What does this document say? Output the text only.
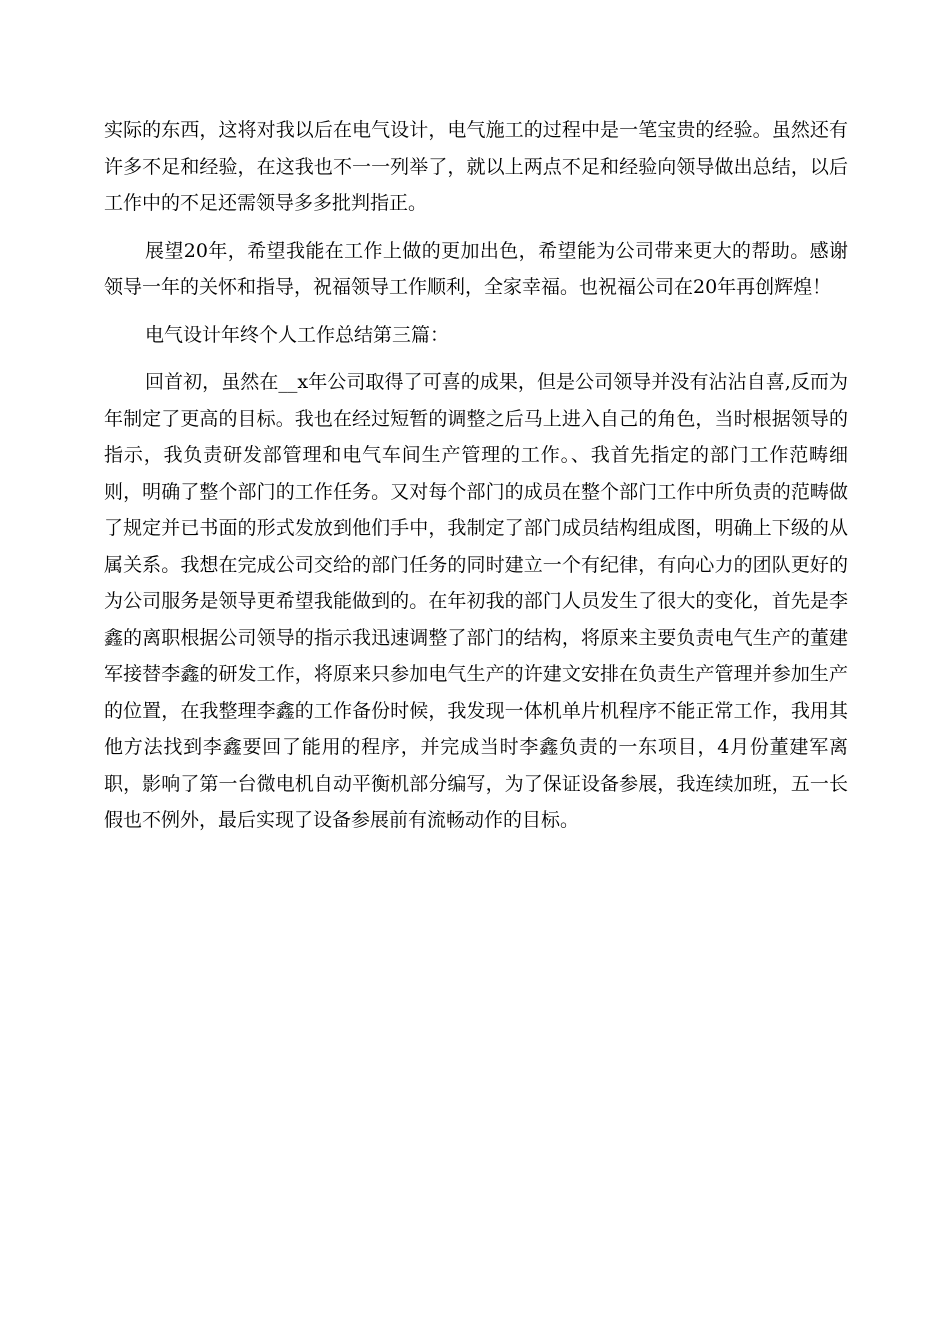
实际的东西，这将对我以后在电气设计，电气施工的过程中是一笔宝贵的经验。虽然还有许多不足和经验，在这我也不一一列举了，就以上两点不足和经验向领导做出总结，以后工作中的不足还需领导多多批判指正。

展望20年，希望我能在工作上做的更加出色，希望能为公司带来更大的帮助。感谢领导一年的关怀和指导，祝福领导工作顺利，全家幸福。也祝福公司在20年再创辉煌！

电气设计年终个人工作总结第三篇：

回首初，虽然在__x年公司取得了可喜的成果，但是公司领导并没有沾沾自喜,反而为年制定了更高的目标。我也在经过短暂的调整之后马上进入自己的角色，当时根据领导的指示，我负责研发部管理和电气车间生产管理的工作。、我首先指定的部门工作范畴细则，明确了整个部门的工作任务。又对每个部门的成员在整个部门工作中所负责的范畴做了规定并已书面的形式发放到他们手中，我制定了部门成员结构组成图，明确上下级的从属关系。我想在完成公司交给的部门任务的同时建立一个有纪律，有向心力的团队更好的为公司服务是领导更希望我能做到的。在年初我的部门人员发生了很大的变化，首先是李鑫的离职根据公司领导的指示我迅速调整了部门的结构，将原来主要负责电气生产的董建军接替李鑫的研发工作，将原来只参加电气生产的许建文安排在负责生产管理并参加生产的位置，在我整理李鑫的工作备份时候，我发现一体机单片机程序不能正常工作，我用其他方法找到李鑫要回了能用的程序，并完成当时李鑫负责的一东项目，4月份董建军离职，影响了第一台微电机自动平衡机部分编写，为了保证设备参展，我连续加班，五一长假也不例外，最后实现了设备参展前有流畅动作的目标。
